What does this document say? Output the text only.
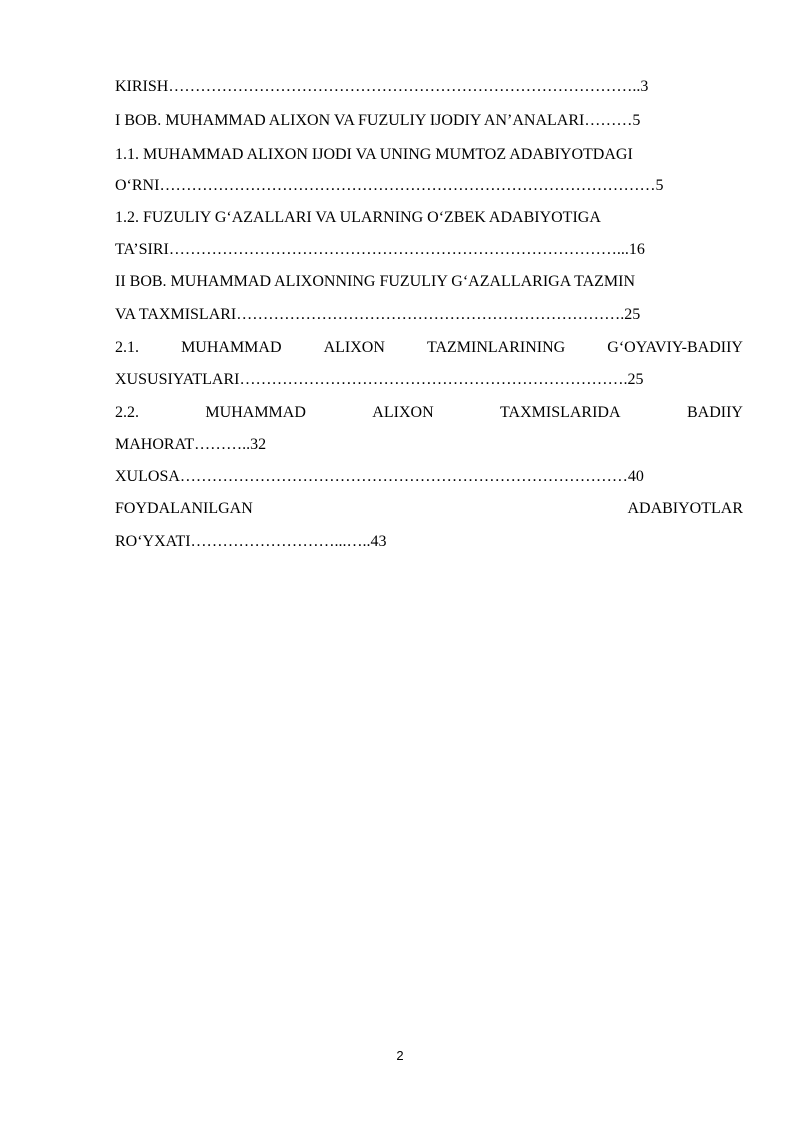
KIRISH……………………………………………………………………………..3
I BOB. MUHAMMAD ALIXON VA FUZULIY IJODIY AN’ANALARI………5
1.1. MUHAMMAD ALIXON IJODI VA UNING MUMTOZ ADABIYOTDAGI
O‘RNI…………………………………………………………………………………5
1.2. FUZULIY G‘AZALLARI VA ULARNING O‘ZBEK ADABIYOTIGA
TA’SIRI…………………………………………………………………………...16
II BOB. MUHAMMAD ALIXONNING FUZULIY G‘AZALLARIGA TAZMIN
VA TAXMISLARI……………………………………………………………….25
2.1.	MUHAMMAD	ALIXON	TAZMINLARINING	G‘OYAVIY-BADIIY
XUSUSIYATLARI……………………………………………………………….25
2.2.	MUHAMMAD	ALIXON	TAXMISLARIDA	BADIIY
MAHORAT………..32
XULOSA…………………………………………………………………………40
FOYDALANILGAN	ADABIYOTLAR
RO‘YXATI………………………...…..43
2
